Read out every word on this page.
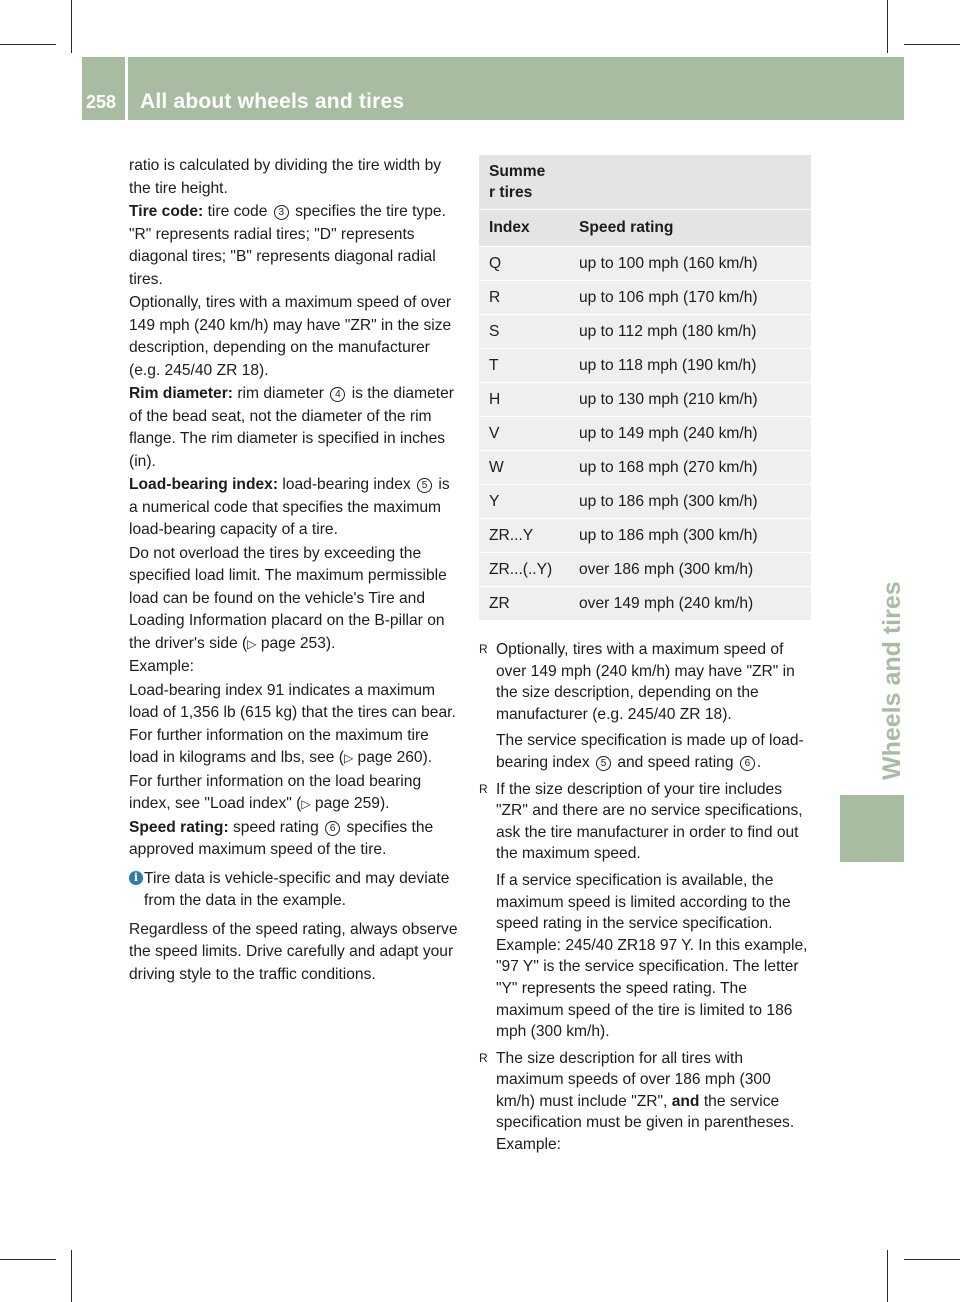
258 All about wheels and tires
Wheels and tires

ratio is calculated by dividing the tire width by the tire height.

Tire code: tire code 3 specifies the tire type. "R" represents radial tires; "D" represents diagonal tires; "B" represents diagonal radial tires.

Optionally, tires with a maximum speed of over 149 mph (240 km/h) may have "ZR" in the size description, depending on the manufacturer (e.g. 245/40 ZR 18).

Rim diameter: rim diameter 4 is the diameter of the bead seat, not the diameter of the rim flange. The rim diameter is specified in inches (in).

Load-bearing index: load-bearing index 5 is a numerical code that specifies the maximum load-bearing capacity of a tire.

Do not overload the tires by exceeding the specified load limit. The maximum permissible load can be found on the vehicle's Tire and Loading Information placard on the B-pillar on the driver's side (▷ page 253).

Example:

Load-bearing index 91 indicates a maximum load of 1,356 lb (615 kg) that the tires can bear. For further information on the maximum tire load in kilograms and lbs, see (▷ page 260).

For further information on the load bearing index, see "Load index" (▷ page 259).

Speed rating: speed rating 6 specifies the approved maximum speed of the tire.

i Tire data is vehicle-specific and may deviate from the data in the example.

Regardless of the speed rating, always observe the speed limits. Drive carefully and adapt your driving style to the traffic conditions.

Summe
r tires	
Index	Speed rating
Q	up to 100 mph (160 km/h)
R	up to 106 mph (170 km/h)
S	up to 112 mph (180 km/h)
T	up to 118 mph (190 km/h)
H	up to 130 mph (210 km/h)
V	up to 149 mph (240 km/h)
W	up to 168 mph (270 km/h)
Y	up to 186 mph (300 km/h)
ZR...Y	up to 186 mph (300 km/h)
ZR...(..Y)	over 186 mph (300 km/h)
ZR	over 149 mph (240 km/h)
R Optionally, tires with a maximum speed of over 149 mph (240 km/h) may have "ZR" in the size description, depending on the manufacturer (e.g. 245/40 ZR 18).

The service specification is made up of load-bearing index 5 and speed rating 6 .

R If the size description of your tire includes "ZR" and there are no service specifications, ask the tire manufacturer in order to find out the maximum speed.

If a service specification is available, the maximum speed is limited according to the speed rating in the service specification. Example: 245/40 ZR18 97 Y. In this example, "97 Y" is the service specification. The letter "Y" represents the speed rating. The maximum speed of the tire is limited to 186 mph (300 km/h).

R The size description for all tires with maximum speeds of over 186 mph (300 km/h) must include "ZR", and the service specification must be given in parentheses. Example:
